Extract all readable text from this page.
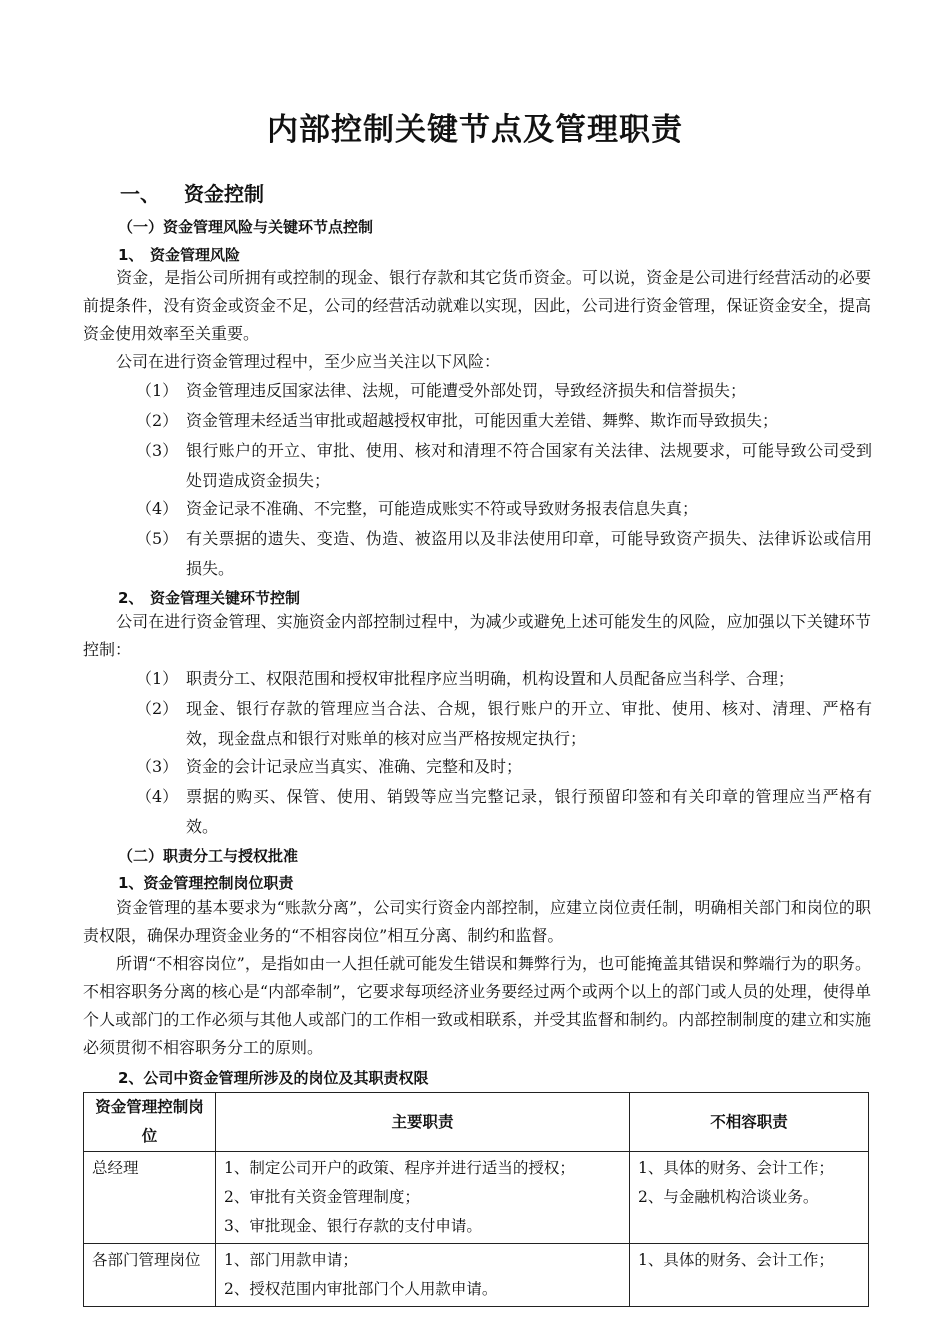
内部控制关键节点及管理职责
一、 资金控制
（一）资金管理风险与关键环节点控制
1、 资金管理风险
资金，是指公司所拥有或控制的现金、银行存款和其它货币资金。可以说，资金是公司进行经营活动的必要前提条件，没有资金或资金不足，公司的经营活动就难以实现，因此，公司进行资金管理，保证资金安全，提高资金使用效率至关重要。
公司在进行资金管理过程中，至少应当关注以下风险：
（1） 资金管理违反国家法律、法规，可能遭受外部处罚，导致经济损失和信誉损失；
（2） 资金管理未经适当审批或超越授权审批，可能因重大差错、舞弊、欺诈而导致损失；
（3） 银行账户的开立、审批、使用、核对和清理不符合国家有关法律、法规要求，可能导致公司受到处罚造成资金损失；
（4） 资金记录不准确、不完整，可能造成账实不符或导致财务报表信息失真；
（5） 有关票据的遗失、变造、伪造、被盗用以及非法使用印章，可能导致资产损失、法律诉讼或信用损失。
2、 资金管理关键环节控制
公司在进行资金管理、实施资金内部控制过程中，为减少或避免上述可能发生的风险，应加强以下关键环节控制：
（1） 职责分工、权限范围和授权审批程序应当明确，机构设置和人员配备应当科学、合理；
（2） 现金、银行存款的管理应当合法、合规，银行账户的开立、审批、使用、核对、清理、严格有效，现金盘点和银行对账单的核对应当严格按规定执行；
（3） 资金的会计记录应当真实、准确、完整和及时；
（4） 票据的购买、保管、使用、销毁等应当完整记录，银行预留印签和有关印章的管理应当严格有效。
（二）职责分工与授权批准
1、资金管理控制岗位职责
资金管理的基本要求为“账款分离”，公司实行资金内部控制，应建立岗位责任制，明确相关部门和岗位的职责权限，确保办理资金业务的“不相容岗位”相互分离、制约和监督。
所谓“不相容岗位”，是指如由一人担任就可能发生错误和舞弊行为，也可能掩盖其错误和弊端行为的职务。不相容职务分离的核心是“内部牵制”，它要求每项经济业务要经过两个或两个以上的部门或人员的处理，使得单个人或部门的工作必须与其他人或部门的工作相一致或相联系，并受其监督和制约。内部控制制度的建立和实施必须贯彻不相容职务分工的原则。
2、公司中资金管理所涉及的岗位及其职责权限
资金管理控制岗位	主要职责	不相容职责
总经理	1、制定公司开户的政策、程序并进行适当的授权；
2、审批有关资金管理制度；
3、审批现金、银行存款的支付申请。	1、具体的财务、会计工作；
2、与金融机构洽谈业务。

各部门管理岗位	1、部门用款申请；
2、授权范围内审批部门个人用款申请。	1、具体的财务、会计工作；
